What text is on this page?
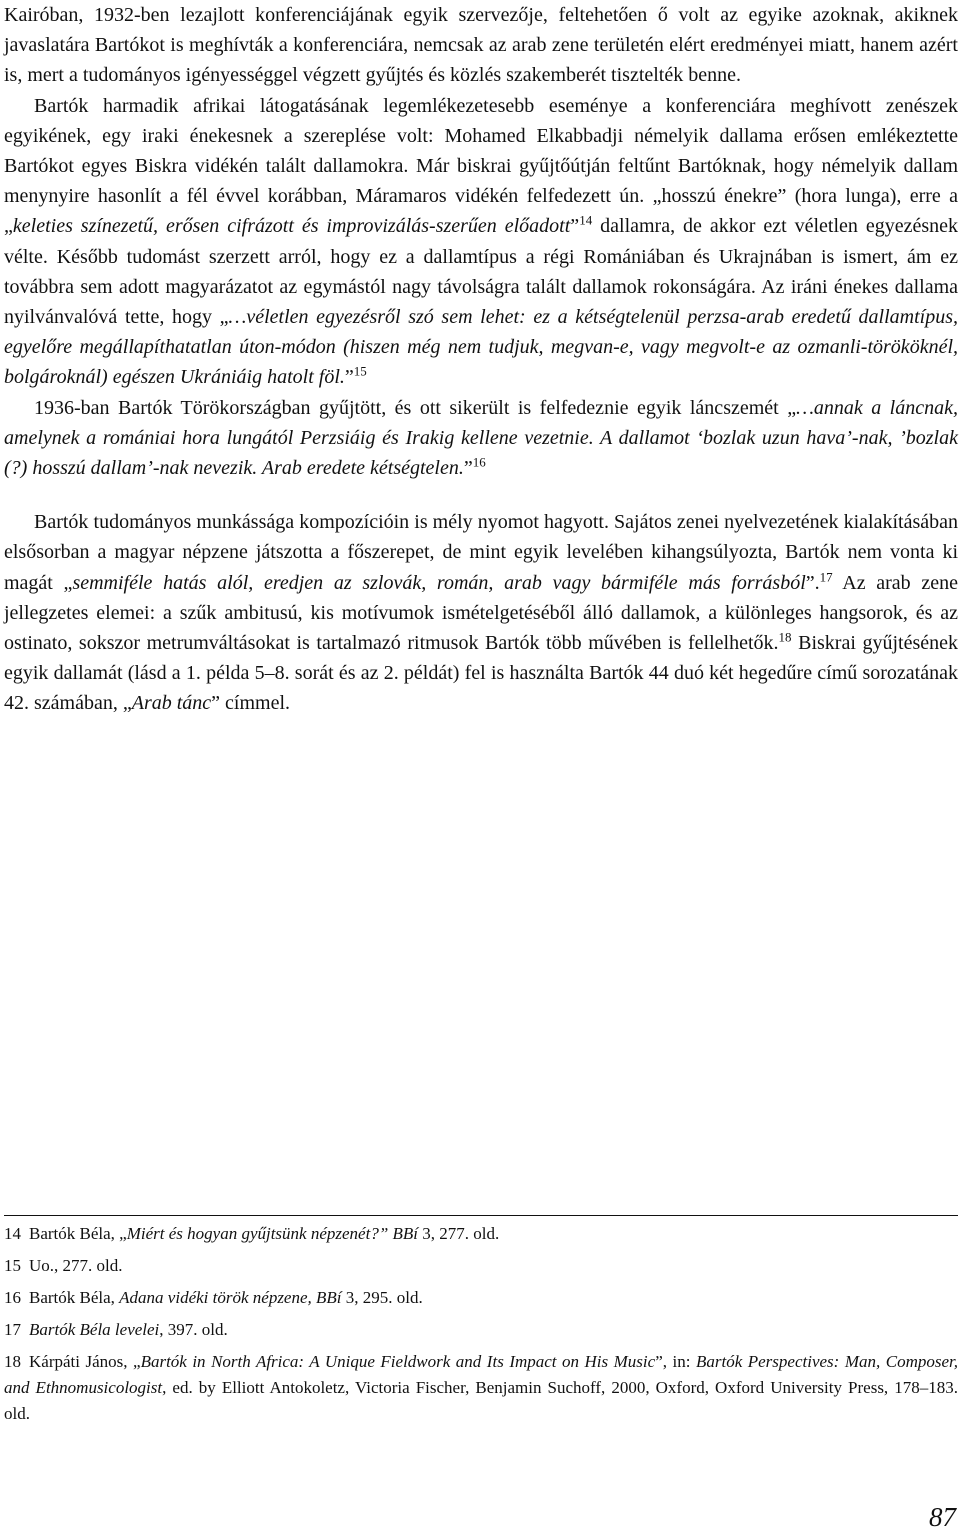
Kairóban, 1932-ben lezajlott konferenciájának egyik szervezője, feltehetően ő volt az egyike azoknak, akiknek javaslatára Bartókot is meghívták a konferenciára, nemcsak az arab zene területén elért eredményei miatt, hanem azért is, mert a tudományos igényességgel végzett gyűjtés és közlés szakemberét tisztelték benne.

Bartók harmadik afrikai látogatásának legemlékezetesebb eseménye a konferenciára meghívott zenészek egyikének, egy iraki énekesnek a szereplése volt: Mohamed Elkabbadji némelyik dallama erősen emlékeztette Bartókot egyes Biskra vidékén talált dallamokra. Már biskrai gyűjtőútján feltűnt Bartóknak, hogy némelyik dallam menynyire hasonlít a fél évvel korábban, Máramaros vidékén felfedezett ún. „hosszú énekre” (hora lunga), erre a „keleties színezetű, erősen cifrázott és improvizálás-szerűen előadott”$^{14}$ dallamra, de akkor ezt véletlen egyezésnek vélte. Később tudomást szerzett arról, hogy ez a dallamtípus a régi Romániában és Ukrajnában is ismert, ám ez továbbra sem adott magyarázatot az egymástól nagy távolságra talált dallamok rokonságára. Az iráni énekes dallama nyilvánvalóvá tette, hogy „…véletlen egyezésről szó sem lehet: ez a kétségtelenül perzsa-arab eredetű dallamtípus, egyelőre megállapíthatatlan úton-módon (hiszen még nem tudjuk, megvan-e, vagy megvolt-e az ozmanli-törököknél, bolgároknál) egészen Ukrániáig hatolt föl.”$^{15}$

1936-ban Bartók Törökországban gyűjtött, és ott sikerült is felfedeznie egyik láncszemét „…annak a láncnak, amelynek a romániai hora lungától Perzsiáig és Irakig kellene vezetnie. A dallamot ‘bozlak uzun hava’-nak, ’bozlak (?) hosszú dallam’-nak nevezik. Arab eredete kétségtelen.”$^{16}$

Bartók tudományos munkássága kompozícióin is mély nyomot hagyott. Sajátos zenei nyelvezetének kialakításában elsősorban a magyar népzene játszotta a főszerepet, de mint egyik levelében kihangsúlyozta, Bartók nem vonta ki magát „semmiféle hatás alól, eredjen az szlovák, román, arab vagy bármiféle más forrásból”.$^{17}$ Az arab zene jellegzetes elemei: a szűk ambitusú, kis motívumok ismételgetéséből álló dallamok, a különleges hangsorok, és az ostinato, sokszor metrumváltásokat is tartalmazó ritmusok Bartók több művében is fellelhetők.$^{18}$ Biskrai gyűjtésének egyik dallamát (lásd a 1. példa 5–8. sorát és az 2. példát) fel is használta Bartók 44 duó két hegedűre című sorozatának 42. számában, „Arab tánc” címmel.

14 Bartók Béla, „Miért és hogyan gyűjtsünk népzenét?” BBí 3, 277. old.

15 Uo., 277. old.

16 Bartók Béla, Adana vidéki török népzene, BBí 3, 295. old.

17 Bartók Béla levelei, 397. old.

18 Kárpáti János, „Bartók in North Africa: A Unique Fieldwork and Its Impact on His Music”, in: Bartók Perspectives: Man, Composer, and Ethnomusicologist, ed. by Elliott Antokoletz, Victoria Fischer, Benjamin Suchoff, 2000, Oxford, Oxford University Press, 178–183. old.

87
